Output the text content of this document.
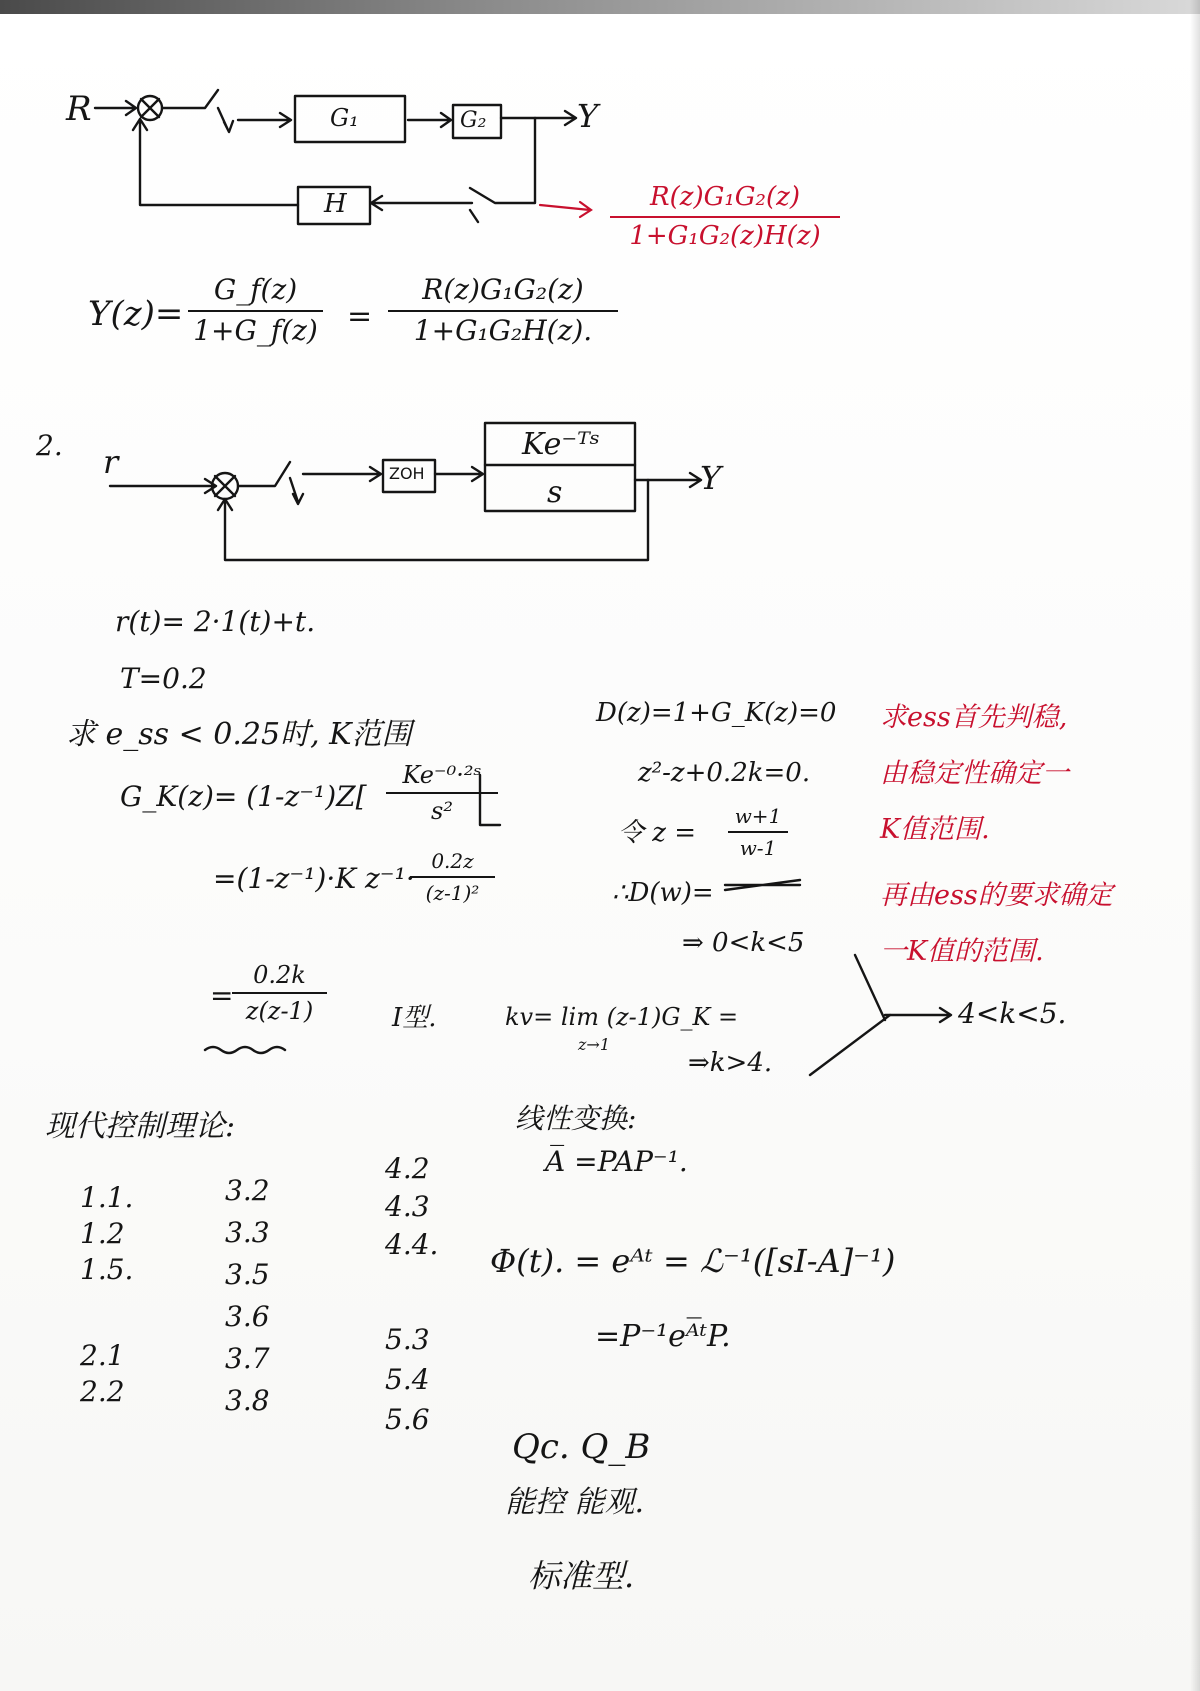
R	G₁	G₂	Y
H	R(z)G₁G₂(z)
1+G₁G₂(z)H(z)
Y(z)=
G_f(z)
1+G_f(z) =
R(z)G₁G₂(z)
1+G₁G₂H(z).
2. r	ZOH
Ke⁻ᵀˢ
s	Y
r(t)= 2·1(t)+t.
T=0.2
求 e_ss < 0.25时, K范围
G_K(z)= (1-z⁻¹)Z[
Ke⁻⁰·²ˢ
s²
=(1-z⁻¹)·K z⁻¹·
0.2z
(z-1)²
=
0.2k
z(z-1)	I型.	kv= lim (z-1)G_K =
z→1
⇒k>4.
D(z)=1+G_K(z)=0
z²-z+0.2k=0.
令 z =
w+1
w-1
∴D(w)=
⇒ 0<k<5
4<k<5.
求ess首先判稳,
由稳定性确定一
K值范围.
再由ess的要求确定
一K值的范围.
现代控制理论:
1.1.
1.2
1.5.
2.1
2.2
3.2
3.3
3.5
3.6
3.7
3.8
4.2
4.3
4.4.
5.3
5.4
5.6
线性变换:
A̅ =PAP⁻¹.
Φ(t). = eᴬᵗ = ℒ⁻¹([sI-A]⁻¹)
=P⁻¹eᴬ̅ᵗP.
Qc. Q_B
能控 能观.
标准型.
